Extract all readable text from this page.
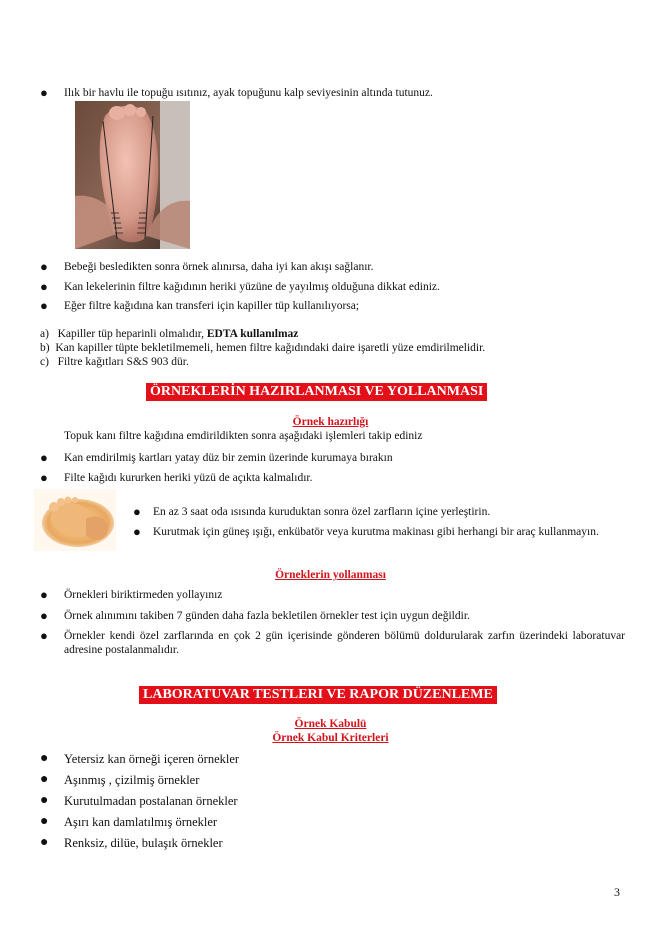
● Ilık bir havlu ile topuğu ısıtınız, ayak topuğunu kalp seviyesinin altında tutunuz.
● Bebeği besledikten sonra örnek alınırsa, daha iyi kan akışı sağlanır.
● Kan lekelerinin filtre kağıdının heriki yüzüne de yayılmış olduğuna dikkat ediniz.
● Eğer filtre kağıdına kan transferi için kapiller tüp kullanılıyorsa;
a) Kapiller tüp heparinli olmalıdır, EDTA kullanılmaz
b) Kan kapiller tüpte bekletilmemeli, hemen filtre kağıdındaki daire işaretli yüze emdirilmelidir.
c) Filtre kağıtları S&S 903 dür.
ÖRNEKLERİN HAZIRLANMASI VE YOLLANMASI
Örnek hazırlığı
Topuk kanı filtre kağıdına emdirildikten sonra aşağıdaki işlemleri takip ediniz
● Kan emdirilmiş kartları yatay düz bir zemin üzerinde kurumaya bırakın
● Filte kağıdı kururken heriki yüzü de açıkta kalmalıdır.
● En az 3 saat oda ısısında kuruduktan sonra özel zarfların içine yerleştirin.
● Kurutmak için güneş ışığı, enkübatör veya kurutma makinası gibi herhangi bir araç kullanmayın.
Örneklerin yollanması
● Örnekleri biriktirmeden yollayınız
● Örnek alınımını takiben 7 günden daha fazla bekletilen örnekler test için uygun değildir.
● Örnekler kendi özel zarflarında en çok 2 gün içerisinde gönderen bölümü doldurularak zarfın üzerindeki laboratuvar adresine postalanmalıdır.
LABORATUVAR TESTLERI VE RAPOR DÜZENLEME
Örnek Kabulü
Örnek Kabul Kriterleri
● Yetersiz kan örneği içeren örnekler
● Aşınmış , çizilmiş örnekler
● Kurutulmadan postalanan örnekler
● Aşırı kan damlatılmış örnekler
● Renksiz, dilüe, bulaşık örnekler
3
